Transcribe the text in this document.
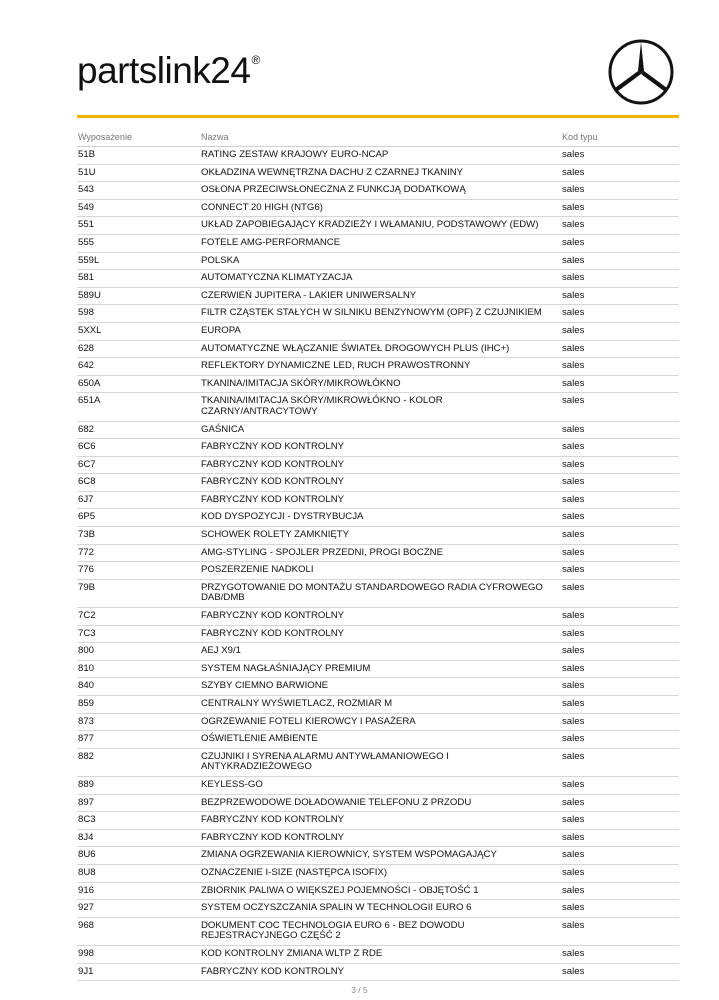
partslink24®
Wyposażenie	Nazwa	Kod typu
51B	RATING ZESTAW KRAJOWY EURO-NCAP	sales
51U	OKŁADZINA WEWNĘTRZNA DACHU Z CZARNEJ TKANINY	sales
543	OSŁONA PRZECIWSŁONECZNA Z FUNKCJĄ DODATKOWĄ	sales
549	CONNECT 20 HIGH (NTG6)	sales
551	UKŁAD ZAPOBIEGAJĄCY KRADZIEŻY I WŁAMANIU, PODSTAWOWY (EDW)	sales
555	FOTELE AMG-PERFORMANCE	sales
559L	POLSKA	sales
581	AUTOMATYCZNA KLIMATYZACJA	sales
589U	CZERWIEŃ JUPITERA - LAKIER UNIWERSALNY	sales
598	FILTR CZĄSTEK STAŁYCH W SILNIKU BENZYNOWYM (OPF) Z CZUJNIKIEM	sales
5XXL	EUROPA	sales
628	AUTOMATYCZNE WŁĄCZANIE ŚWIATEŁ DROGOWYCH PLUS (IHC+)	sales
642	REFLEKTORY DYNAMICZNE LED, RUCH PRAWOSTRONNY	sales
650A	TKANINA/IMITACJA SKÓRY/MIKROWŁÓKNO	sales
651A	TKANINA/IMITACJA SKÓRY/MIKROWŁÓKNO - KOLOR CZARNY/ANTRACYTOWY	sales
682	GAŚNICA	sales
6C6	FABRYCZNY KOD KONTROLNY	sales
6C7	FABRYCZNY KOD KONTROLNY	sales
6C8	FABRYCZNY KOD KONTROLNY	sales
6J7	FABRYCZNY KOD KONTROLNY	sales
6P5	KOD DYSPOZYCJI - DYSTRYBUCJA	sales
73B	SCHOWEK ROLETY ZAMKNIĘTY	sales
772	AMG-STYLING - SPOJLER PRZEDNI, PROGI BOCZNE	sales
776	POSZERZENIE NADKOLI	sales
79B	PRZYGOTOWANIE DO MONTAŻU STANDARDOWEGO RADIA CYFROWEGO DAB/DMB	sales
7C2	FABRYCZNY KOD KONTROLNY	sales
7C3	FABRYCZNY KOD KONTROLNY	sales
800	AEJ X9/1	sales
810	SYSTEM NAGŁAŚNIAJĄCY PREMIUM	sales
840	SZYBY CIEMNO BARWIONE	sales
859	CENTRALNY WYŚWIETLACZ, ROZMIAR M	sales
873	OGRZEWANIE FOTELI KIEROWCY I PASAŻERA	sales
877	OŚWIETLENIE AMBIENTE	sales
882	CZUJNIKI I SYRENA ALARMU ANTYWŁAMANIOWEGO I ANTYKRADZIEŻOWEGO	sales
889	KEYLESS-GO	sales
897	BEZPRZEWODOWE DOŁADOWANIE TELEFONU Z PRZODU	sales
8C3	FABRYCZNY KOD KONTROLNY	sales
8J4	FABRYCZNY KOD KONTROLNY	sales
8U6	ZMIANA OGRZEWANIA KIEROWNICY, SYSTEM WSPOMAGAJĄCY	sales
8U8	OZNACZENIE I-SIZE (NASTĘPCA ISOFIX)	sales
916	ZBIORNIK PALIWA O WIĘKSZEJ POJEMNOŚCI - OBJĘTOŚĆ 1	sales
927	SYSTEM OCZYSZCZANIA SPALIN W TECHNOLOGII EURO 6	sales
968	DOKUMENT COC TECHNOLOGIA EURO 6 - BEZ DOWODU REJESTRACYJNEGO CZĘŚĆ 2	sales
998	KOD KONTROLNY ZMIANA WLTP Z RDE	sales
9J1	FABRYCZNY KOD KONTROLNY	sales
3 / 5
